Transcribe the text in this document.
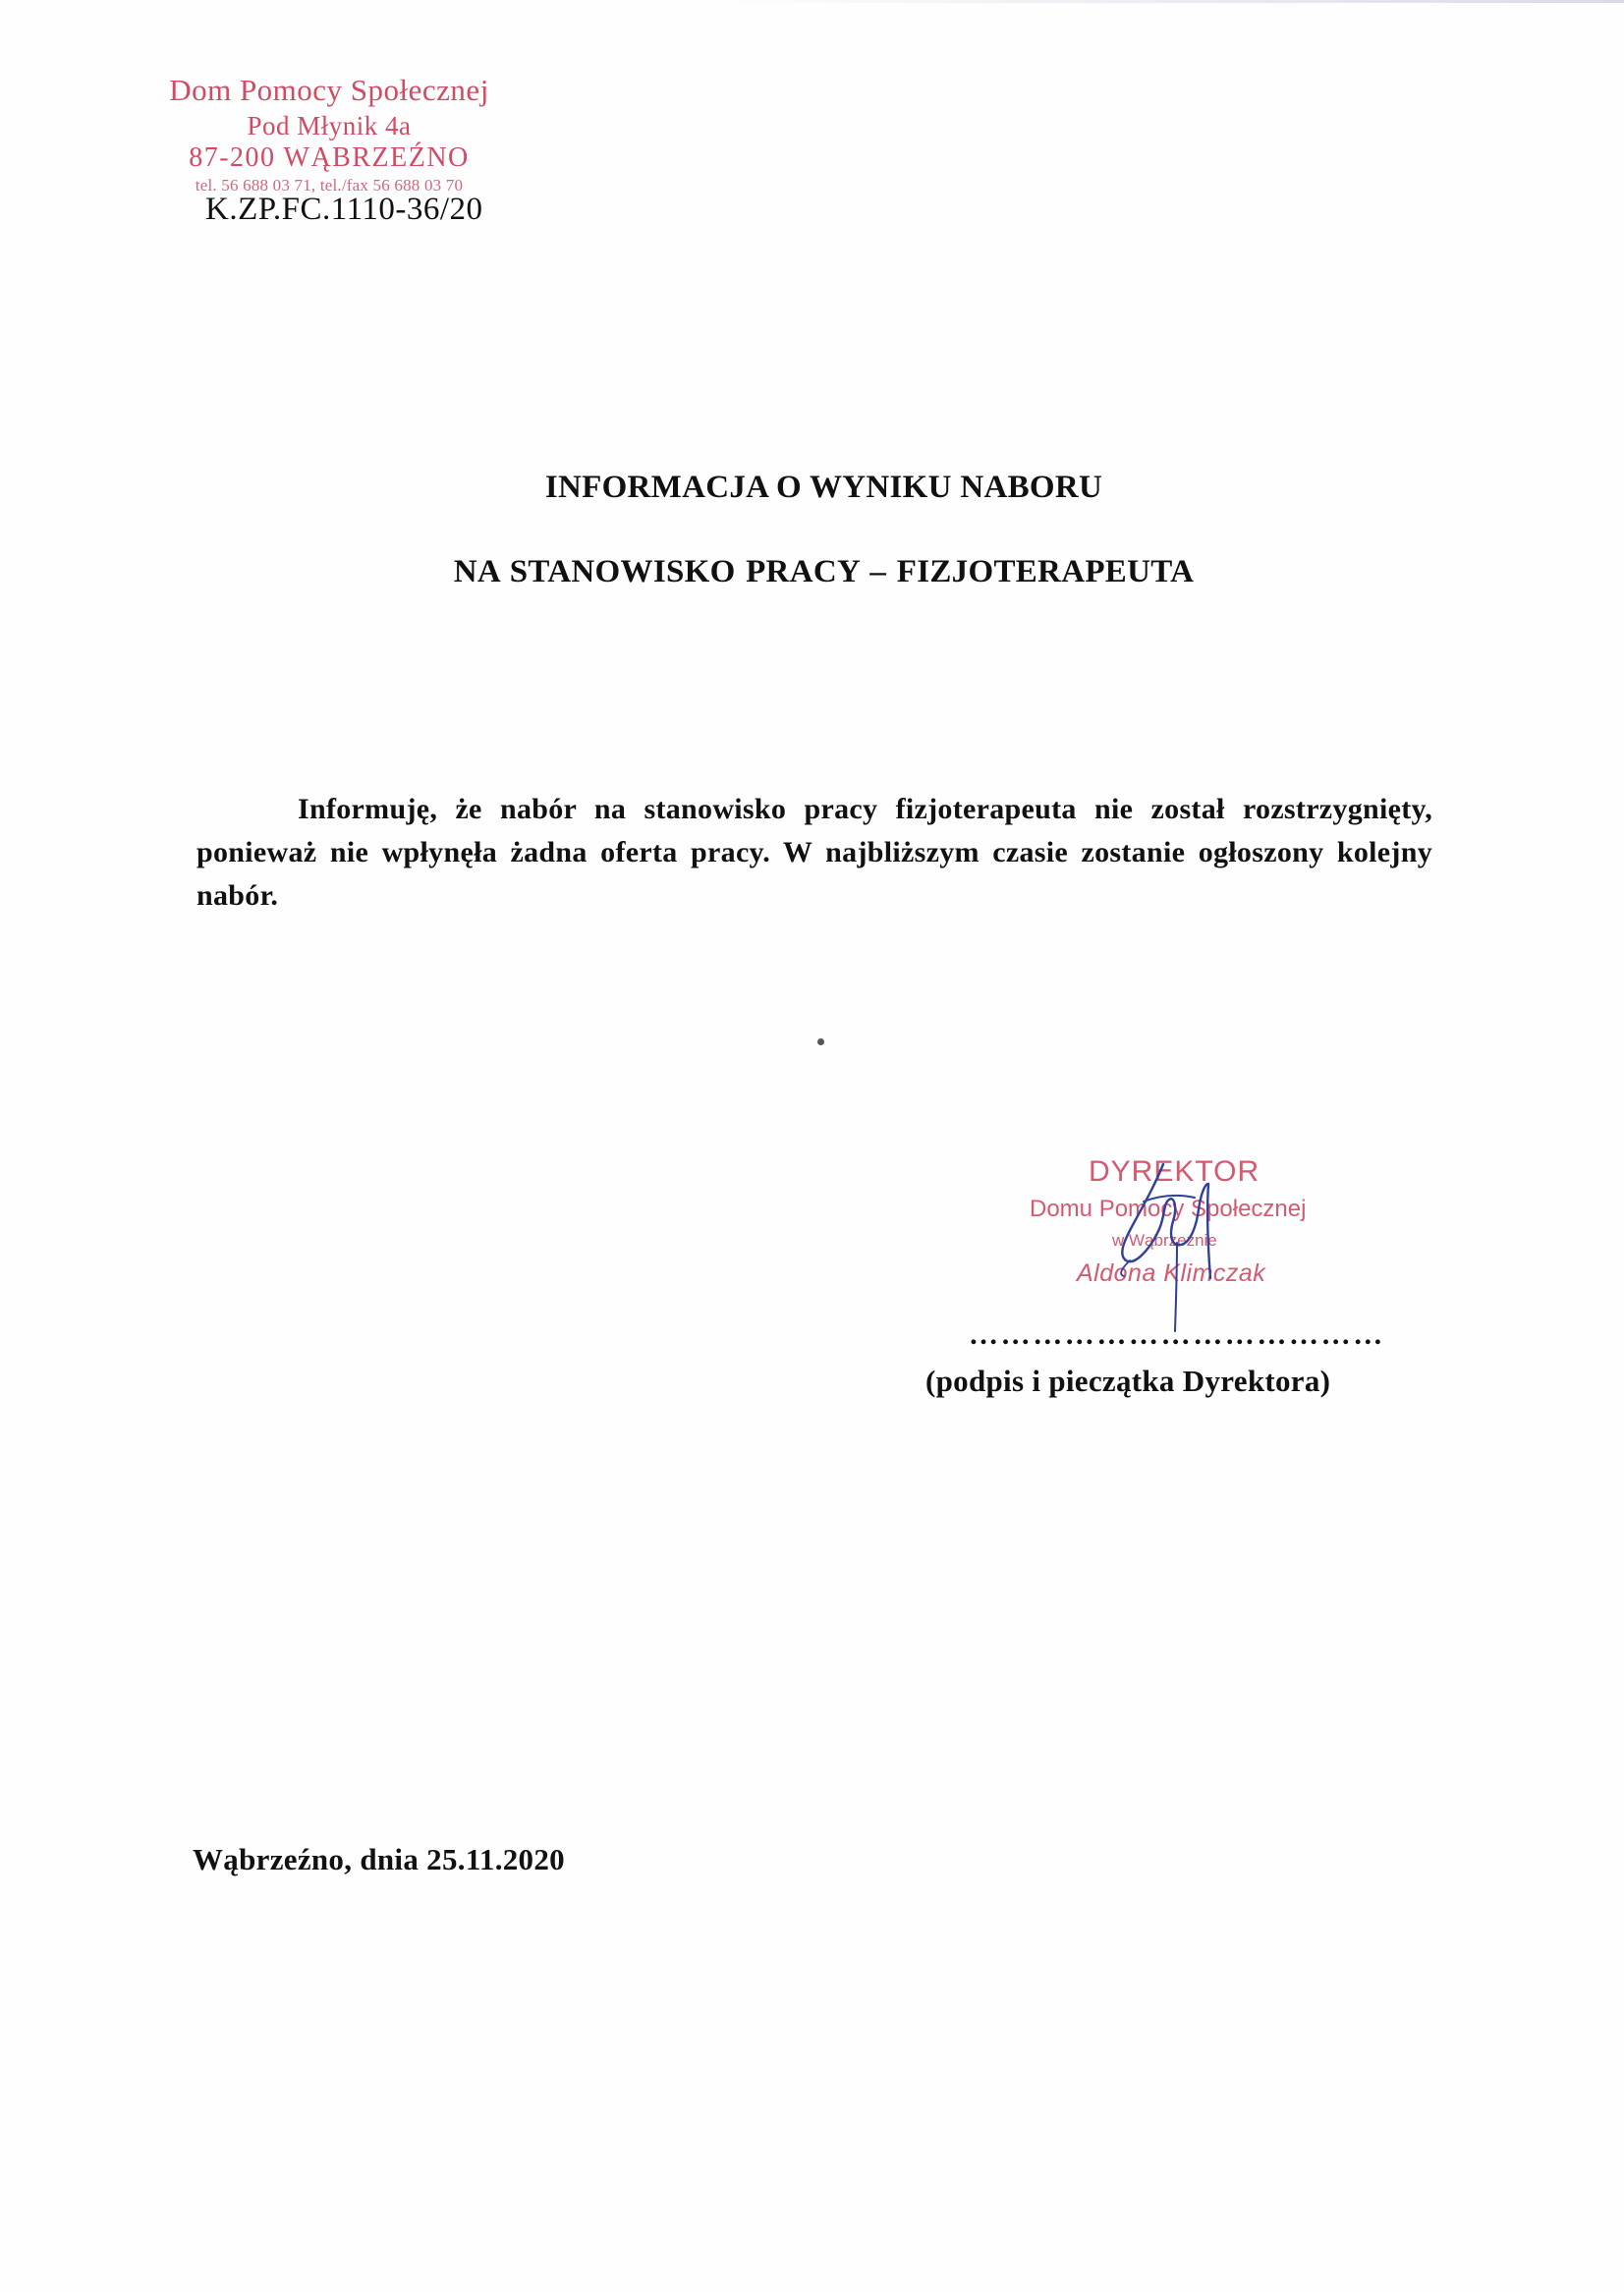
Dom Pomocy Społecznej
Pod Młynik 4a
87-200 WĄBRZEŹNO
tel. 56 688 03 71, tel./fax 56 688 03 70
K.ZP.FC.1110-36/20
INFORMACJA O WYNIKU NABORU
NA STANOWISKO PRACY – FIZJOTERAPEUTA
Informuję, że nabór na stanowisko pracy fizjoterapeuta nie został rozstrzygnięty, ponieważ nie wpłynęła żadna oferta pracy. W najbliższym czasie zostanie ogłoszony kolejny nabór.
DYREKTOR
Domu Pomocy Społecznej
w Wąbrzeźnie
Aldona Klimczak
…………………………………
(podpis i pieczątka Dyrektora)
Wąbrzeźno, dnia 25.11.2020
